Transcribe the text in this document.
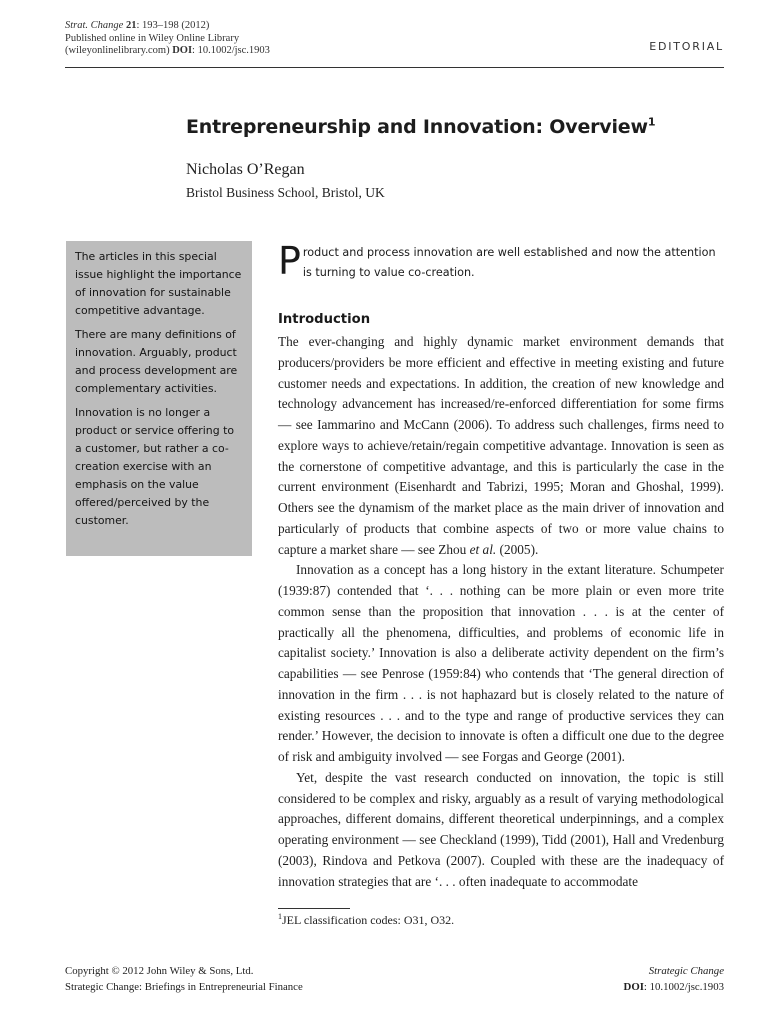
Strat. Change 21: 193–198 (2012)
Published online in Wiley Online Library
(wileyonlinelibrary.com) DOI: 10.1002/jsc.1903	EDITORIAL
Entrepreneurship and Innovation: Overview$^1$
Nicholas O’Regan
Bristol Business School, Bristol, UK

The articles in this special issue highlight the importance of innovation for sustainable competitive advantage.

There are many definitions of innovation. Arguably, product and process development are complementary activities.

Innovation is no longer a product or service offering to a customer, but rather a co-creation exercise with an emphasis on the value offered/perceived by the customer.

Product and process innovation are well established and now the attention is turning to value co-creation.
Introduction

The ever-changing and highly dynamic market environment demands that producers/providers be more efficient and effective in meeting existing and future customer needs and expectations. In addition, the creation of new knowledge and technology advancement has increased/re-enforced differentiation for some firms — see Iammarino and McCann (2006). To address such challenges, firms need to explore ways to achieve/retain/regain competitive advantage. Innovation is seen as the cornerstone of competitive advantage, and this is particularly the case in the current environment (Eisenhardt and Tabrizi, 1995; Moran and Ghoshal, 1999). Others see the dynamism of the market place as the main driver of innovation and particularly of products that combine aspects of two or more value chains to capture a market share — see Zhou et al. (2005).

Innovation as a concept has a long history in the extant literature. Schumpeter (1939:87) contended that ‘. . . nothing can be more plain or even more trite common sense than the proposition that innovation . . . is at the center of practically all the phenomena, difficulties, and problems of economic life in capitalist society.’ Innovation is also a deliberate activity dependent on the firm’s capabilities — see Penrose (1959:84) who contends that ‘The general direction of innovation in the firm . . . is not haphazard but is closely related to the nature of existing resources . . . and to the type and range of productive services they can render.’ However, the decision to innovate is often a difficult one due to the degree of risk and ambiguity involved — see Forgas and George (2001).

Yet, despite the vast research conducted on innovation, the topic is still considered to be complex and risky, arguably as a result of varying methodological approaches, different domains, different theoretical underpinnings, and a complex operating environment — see Checkland (1999), Tidd (2001), Hall and Vredenburg (2003), Rindova and Petkova (2007). Coupled with these are the inadequacy of innovation strategies that are ‘. . . often inadequate to accommodate

$^1$JEL classification codes: O31, O32.
Copyright © 2012 John Wiley & Sons, Ltd.
Strategic Change: Briefings in Entrepreneurial Finance
Strategic Change
DOI: 10.1002/jsc.1903
